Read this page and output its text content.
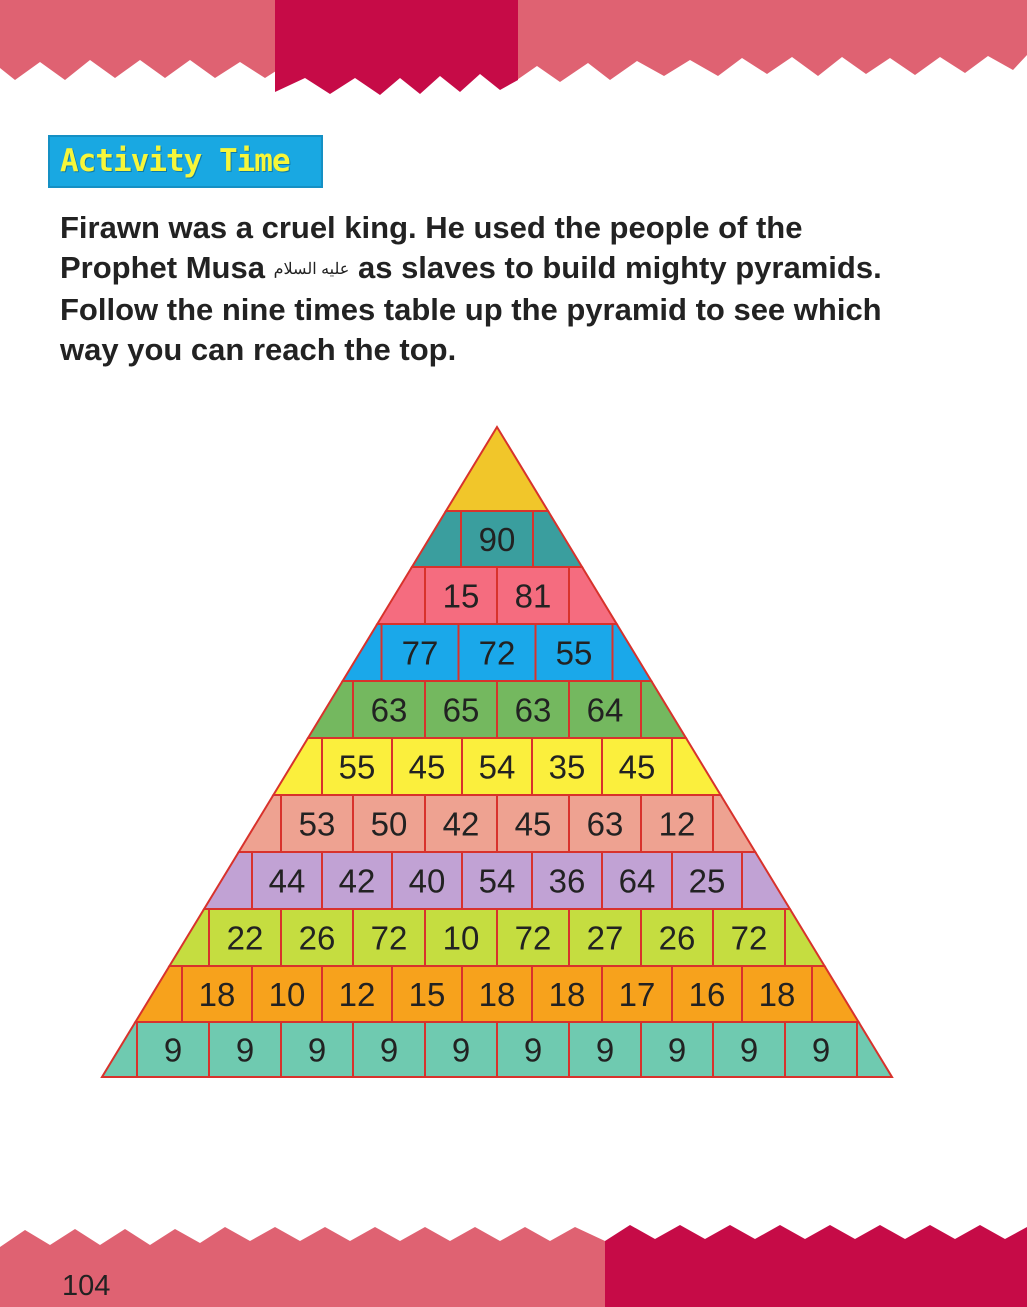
Activity Time

Firawn was a cruel king. He used the people of the

Prophet Musa عليه السلام as slaves to build mighty pyramids.

Follow the nine times table up the pyramid to see which

way you can reach the top.

90
15 81
77 72 55
63 65 63 64
55 45 54 35 45
53 50 42 45 63 12
44 42 40 54 36 64 25
22 26 72 10 72 27 26 72
18 10 12 15 18 18 17 16 18
9 9 9 9 9 9 9 9 9 9
104
